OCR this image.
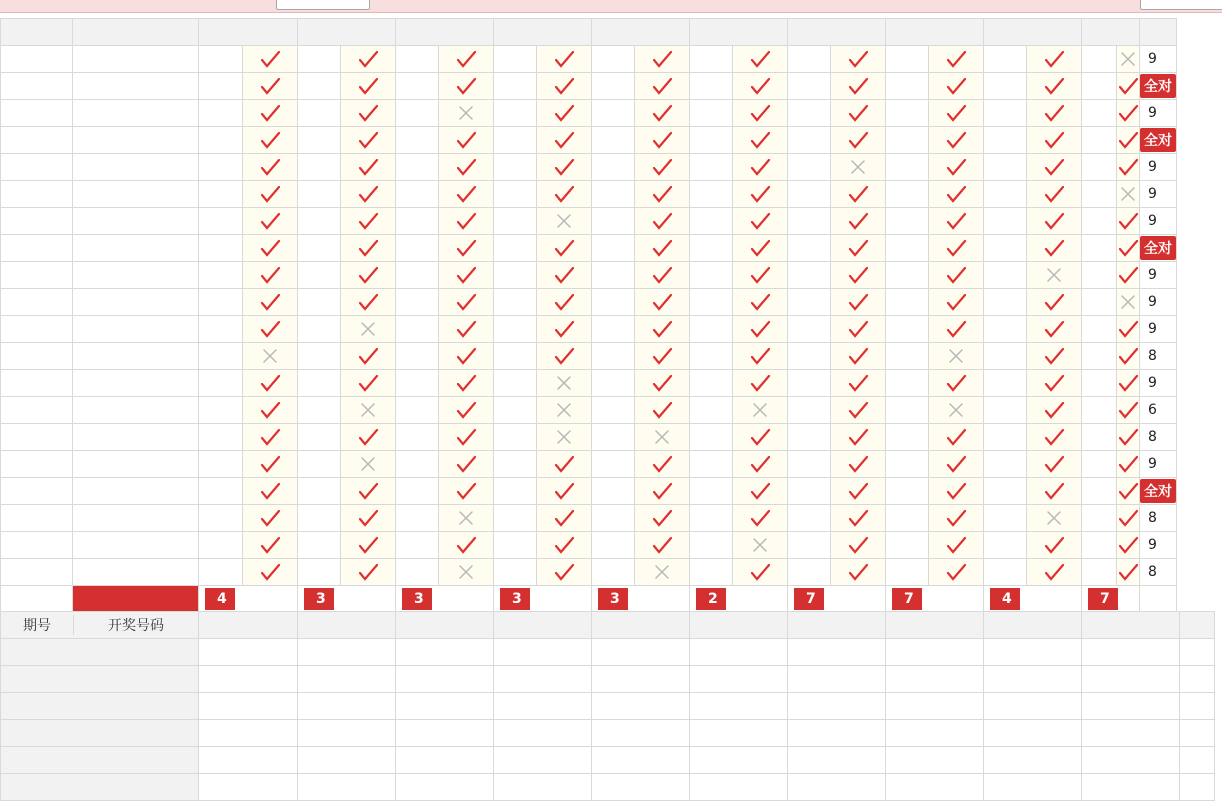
	9

	全对

	9

	全对

	9

	9

	9

	全对

	9

	9

	9

	8

	9

	6

	8

	9

	全对

	8

	9

	8
		4		3		3		3		3		2		7		7		4		7		
期号 开奖号码											
